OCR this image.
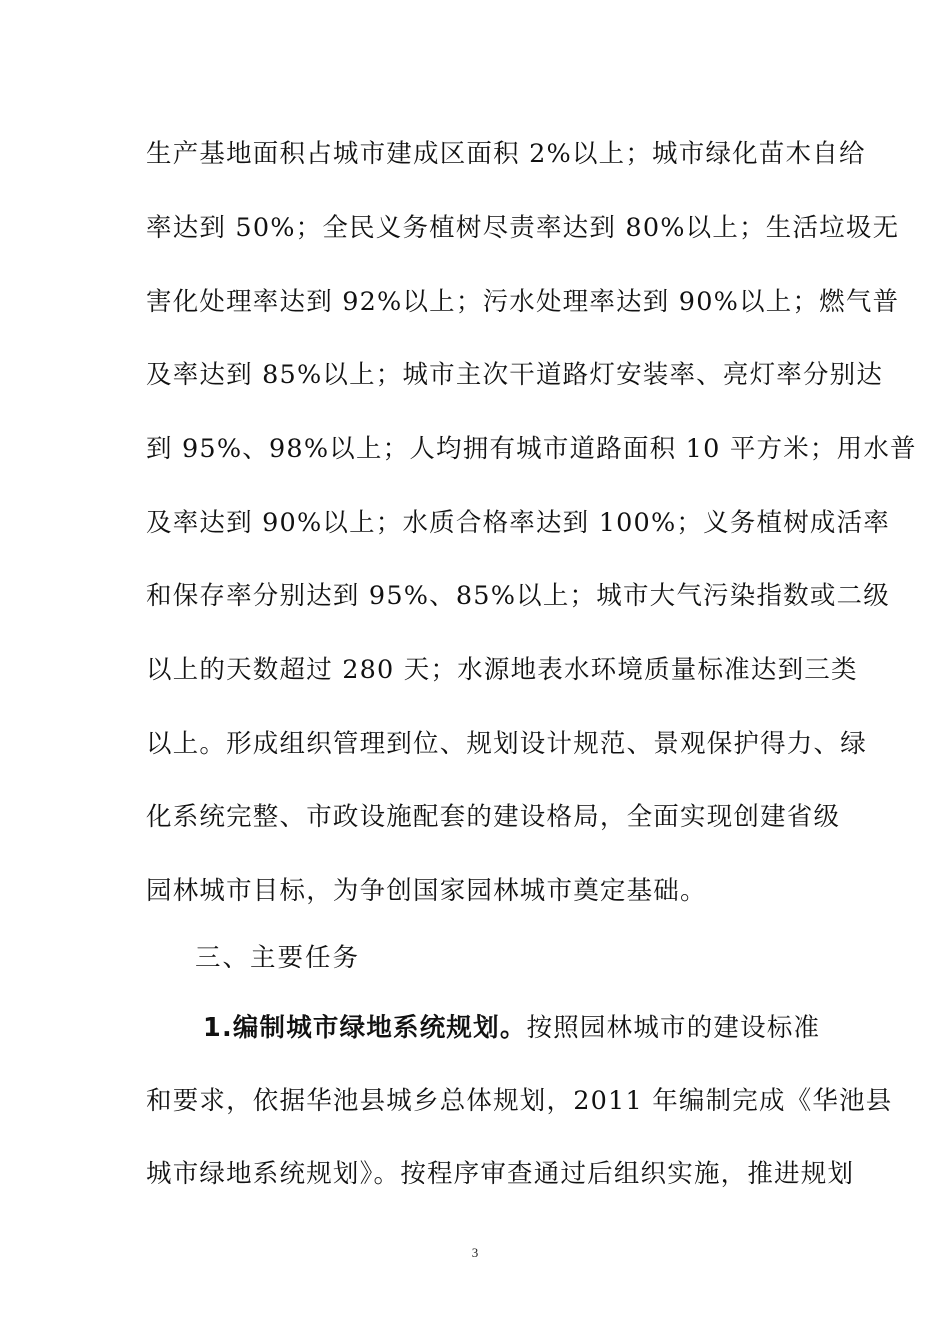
生产基地面积占城市建成区面积 2%以上；城市绿化苗木自给
率达到 50%；全民义务植树尽责率达到 80%以上；生活垃圾无
害化处理率达到 92%以上；污水处理率达到 90%以上；燃气普
及率达到 85%以上；城市主次干道路灯安装率、亮灯率分别达
到 95%、98%以上；人均拥有城市道路面积 10 平方米；用水普
及率达到 90%以上；水质合格率达到 100%；义务植树成活率
和保存率分别达到 95%、85%以上；城市大气污染指数或二级
以上的天数超过 280 天；水源地表水环境质量标准达到三类
以上。形成组织管理到位、规划设计规范、景观保护得力、绿
化系统完整、市政设施配套的建设格局，全面实现创建省级
园林城市目标，为争创国家园林城市奠定基础。
三、主要任务
1.编制城市绿地系统规划。按照园林城市的建设标准
和要求，依据华池县城乡总体规划，2011 年编制完成《华池县
城市绿地系统规划》。按程序审查通过后组织实施，推进规划
3
